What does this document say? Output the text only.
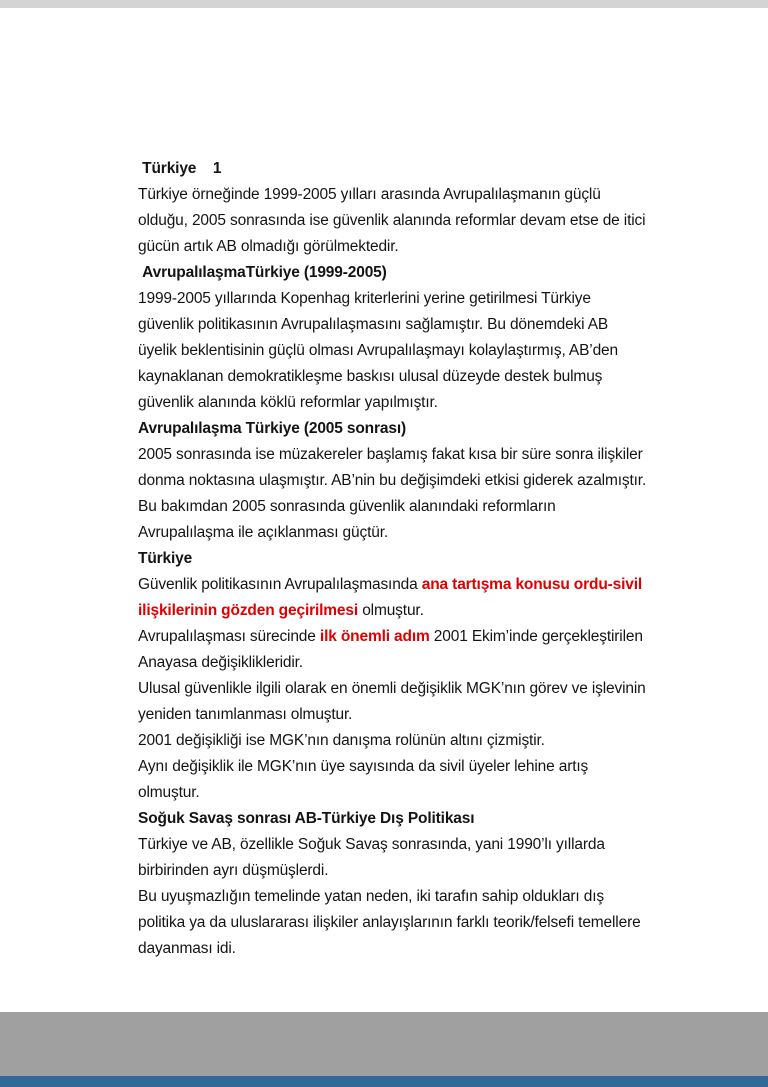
Türkiye    1

Türkiye örneğinde 1999-2005 yılları arasında Avrupalılaşmanın güçlü olduğu, 2005 sonrasında ise güvenlik alanında reformlar devam etse de itici gücün artık AB olmadığı görülmektedir.

AvrupalılaşmaTürkiye (1999-2005)

1999-2005 yıllarında Kopenhag kriterlerini yerine getirilmesi Türkiye güvenlik politikasının Avrupalılaşmasını sağlamıştır. Bu dönemdeki AB üyelik beklentisinin güçlü olması Avrupalılaşmayı kolaylaştırmış, AB’den kaynaklanan demokratikleşme baskısı ulusal düzeyde destek bulmuş güvenlik alanında köklü reformlar yapılmıştır.

Avrupalılaşma Türkiye (2005 sonrası)

2005 sonrasında ise müzakereler başlamış fakat kısa bir süre sonra ilişkiler donma noktasına ulaşmıştır. AB’nin bu değişimdeki etkisi giderek azalmıştır. Bu bakımdan 2005 sonrasında güvenlik alanındaki reformların Avrupalılaşma ile açıklanması güçtür.

Türkiye

Güvenlik politikasının Avrupalılaşmasında ana tartışma konusu ordu-sivil ilişkilerinin gözden geçirilmesi olmuştur.

Avrupalılaşması sürecinde ilk önemli adım 2001 Ekim’inde gerçekleştirilen Anayasa değişiklikleridir.

Ulusal güvenlikle ilgili olarak en önemli değişiklik MGK’nın görev ve işlevinin yeniden tanımlanması olmuştur.

2001 değişikliği ise MGK’nın danışma rolünün altını çizmiştir.

Aynı değişiklik ile MGK’nın üye sayısında da sivil üyeler lehine artış olmuştur.

Soğuk Savaş sonrası AB-Türkiye Dış Politikası

Türkiye ve AB, özellikle Soğuk Savaş sonrasında, yani 1990’lı yıllarda birbirinden ayrı düşmüşlerdi.

Bu uyuşmazlığın temelinde yatan neden, iki tarafın sahip oldukları dış politika ya da uluslararası ilişkiler anlayışlarının farklı teorik/felsefi temellere dayanması idi.
